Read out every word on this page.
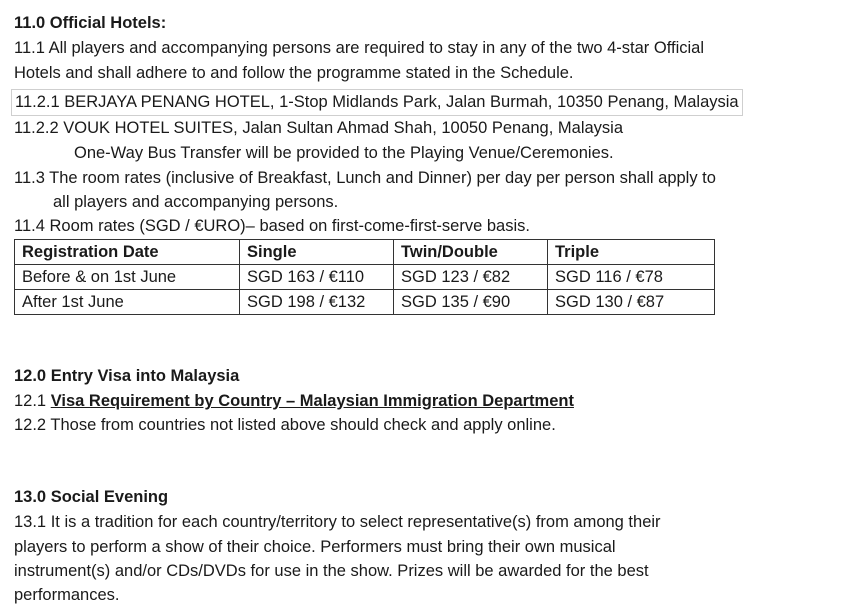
11.0 Official Hotels:
11.1 All players and accompanying persons are required to stay in any of the two 4-star Official
Hotels and shall adhere to and follow the programme stated in the Schedule.
11.2.1 BERJAYA PENANG HOTEL, 1-Stop Midlands Park, Jalan Burmah, 10350 Penang, Malaysia
11.2.2 VOUK HOTEL SUITES, Jalan Sultan Ahmad Shah, 10050 Penang, Malaysia
One-Way Bus Transfer will be provided to the Playing Venue/Ceremonies.
11.3 The room rates (inclusive of Breakfast, Lunch and Dinner) per day per person shall apply to
all players and accompanying persons.
11.4 Room rates (SGD / €URO)– based on first-come-first-serve basis.
Registration Date	Single	Twin/Double	Triple
Before & on 1st June	SGD 163 / €110	SGD 123 / €82	SGD 116 / €78
After 1st June	SGD 198 / €132	SGD 135 / €90	SGD 130 / €87
12.0 Entry Visa into Malaysia
12.1 Visa Requirement by Country – Malaysian Immigration Department
12.2 Those from countries not listed above should check and apply online.
13.0 Social Evening
13.1 It is a tradition for each country/territory to select representative(s) from among their
players to perform a show of their choice. Performers must bring their own musical
instrument(s) and/or CDs/DVDs for use in the show. Prizes will be awarded for the best
performances.
